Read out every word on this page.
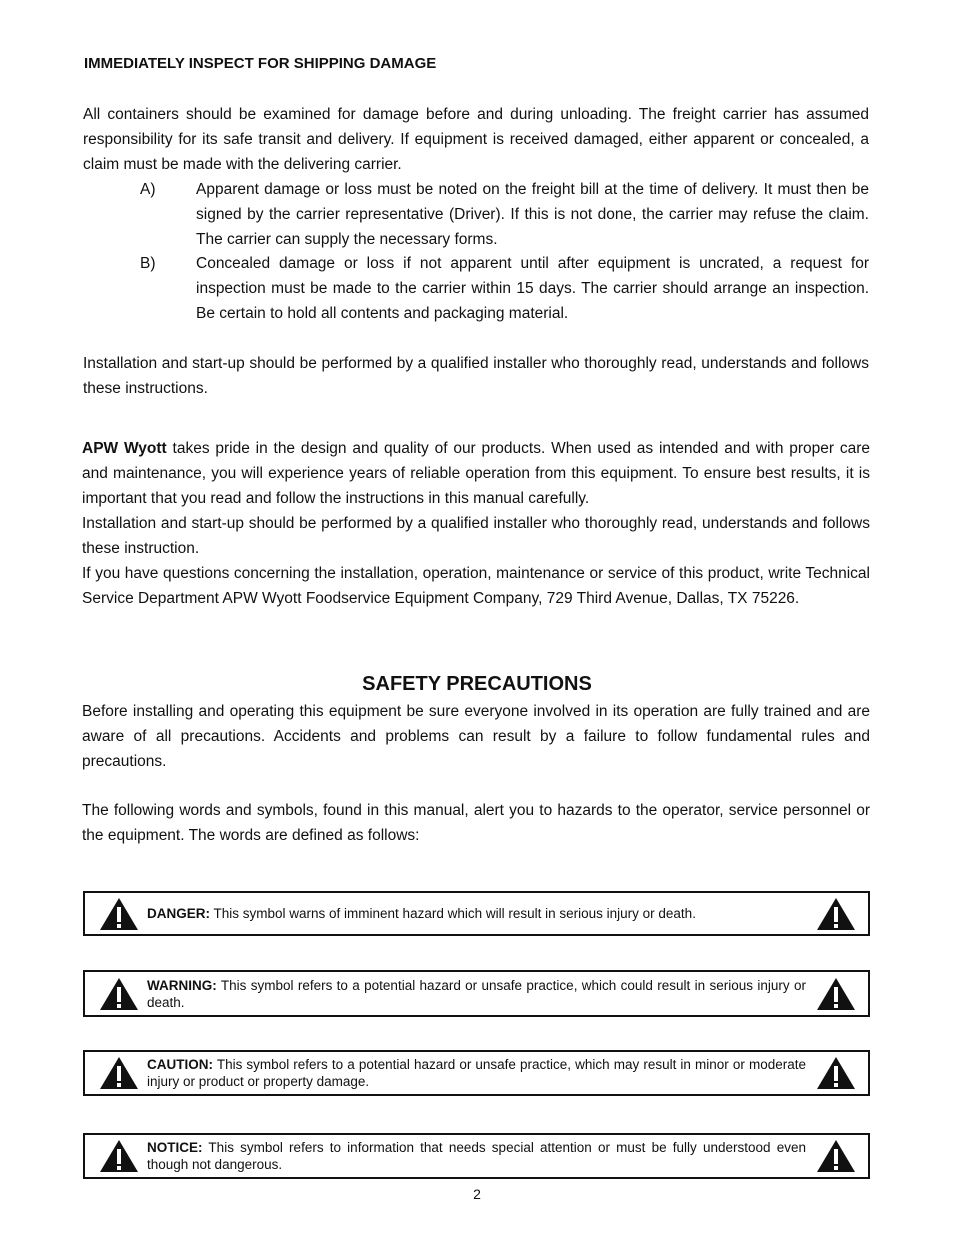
IMMEDIATELY INSPECT FOR SHIPPING DAMAGE

All containers should be examined for damage before and during unloading. The freight carrier has assumed responsibility for its safe transit and delivery. If equipment is received damaged, either apparent or concealed, a claim must be made with the delivering carrier.

A)	Apparent damage or loss must be noted on the freight bill at the time of delivery. It must then be signed by the carrier representative (Driver). If this is not done, the carrier may refuse the claim. The carrier can supply the necessary forms.
B)	Concealed damage or loss if not apparent until after equipment is uncrated, a request for inspection must be made to the carrier within 15 days. The carrier should arrange an inspection. Be certain to hold all contents and packaging material.

Installation and start-up should be performed by a qualified installer who thoroughly read, understands and follows these instructions.

APW Wyott takes pride in the design and quality of our products. When used as intended and with proper care and maintenance, you will experience years of reliable operation from this equipment. To ensure best results, it is important that you read and follow the instructions in this manual carefully.

Installation and start-up should be performed by a qualified installer who thoroughly read, understands and follows these instruction.

If you have questions concerning the installation, operation, maintenance or service of this product, write Technical Service Department APW Wyott Foodservice Equipment Company, 729 Third Avenue, Dallas, TX 75226.

SAFETY PRECAUTIONS

Before installing and operating this equipment be sure everyone involved in its operation are fully trained and are aware of all precautions. Accidents and problems can result by a failure to follow fundamental rules and precautions.

The following words and symbols, found in this manual, alert you to hazards to the operator, service personnel or the equipment. The words are defined as follows:

DANGER: This symbol warns of imminent hazard which will result in serious injury or death.
WARNING: This symbol refers to a potential hazard or unsafe practice, which could result in serious injury or death.
CAUTION: This symbol refers to a potential hazard or unsafe practice, which may result in minor or moderate injury or product or property damage.
NOTICE: This symbol refers to information that needs special attention or must be fully understood even though not dangerous.
2
